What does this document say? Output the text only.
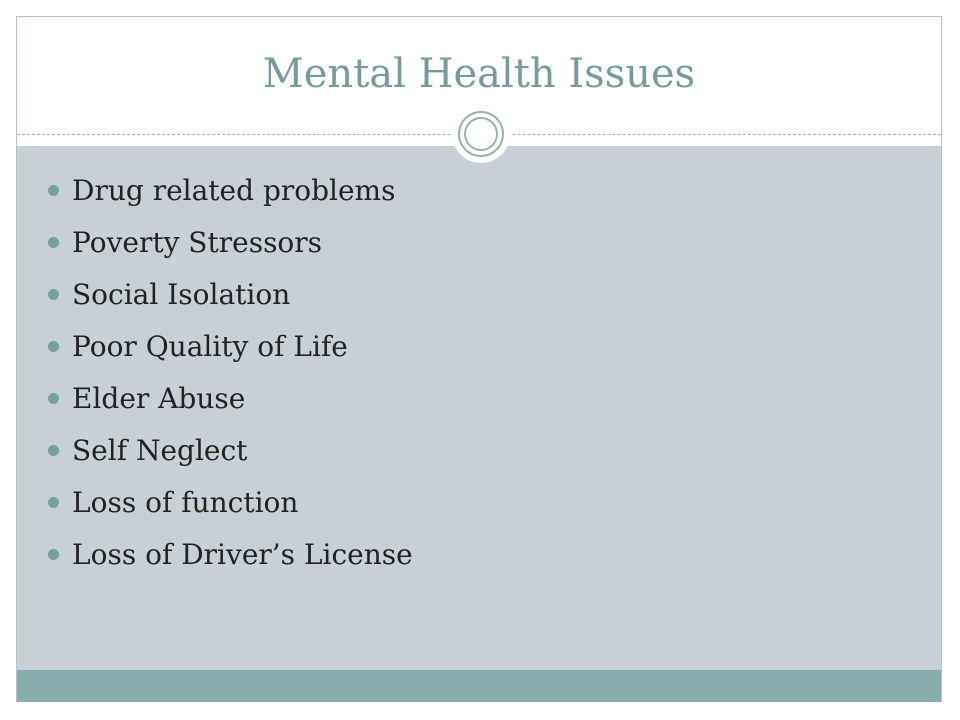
Mental Health Issues
Drug related problems
Poverty Stressors
Social Isolation
Poor Quality of Life
Elder Abuse
Self Neglect
Loss of function
Loss of Driver’s License
